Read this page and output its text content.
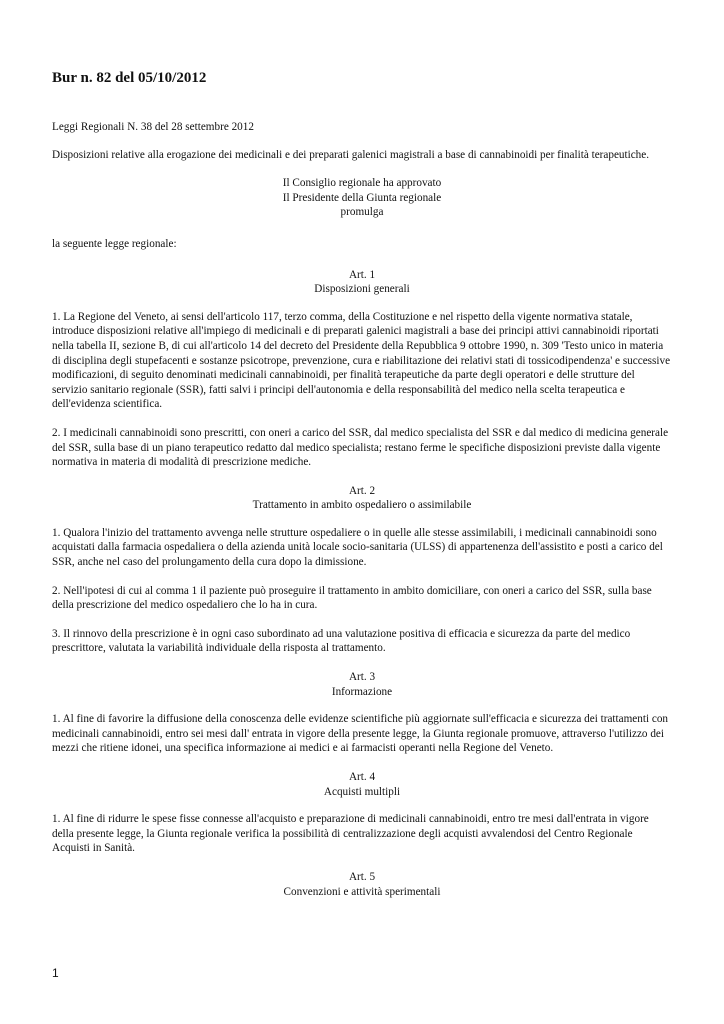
Bur n. 82 del 05/10/2012

Leggi Regionali N. 38 del 28 settembre 2012

Disposizioni relative alla erogazione dei medicinali e dei preparati galenici magistrali a base di cannabinoidi per finalità terapeutiche.

Il Consiglio regionale ha approvato

Il Presidente della Giunta regionale

promulga

la seguente legge regionale:

Art. 1

Disposizioni generali

1. La Regione del Veneto, ai sensi dell'articolo 117, terzo comma, della Costituzione e nel rispetto della vigente normativa statale, introduce disposizioni relative all'impiego di medicinali e di preparati galenici magistrali a base dei principi attivi cannabinoidi riportati nella tabella II, sezione B, di cui all'articolo 14 del decreto del Presidente della Repubblica 9 ottobre 1990, n. 309 'Testo unico in materia di disciplina degli stupefacenti e sostanze psicotrope, prevenzione, cura e riabilitazione dei relativi stati di tossicodipendenza' e successive modificazioni, di seguito denominati medicinali cannabinoidi, per finalità terapeutiche da parte degli operatori e delle strutture del servizio sanitario regionale (SSR), fatti salvi i principi dell'autonomia e della responsabilità del medico nella scelta terapeutica e dell'evidenza scientifica.

2. I medicinali cannabinoidi sono prescritti, con oneri a carico del SSR, dal medico specialista del SSR e dal medico di medicina generale del SSR, sulla base di un piano terapeutico redatto dal medico specialista; restano ferme le specifiche disposizioni previste dalla vigente normativa in materia di modalità di prescrizione mediche.

Art. 2

Trattamento in ambito ospedaliero o assimilabile

1. Qualora l'inizio del trattamento avvenga nelle strutture ospedaliere o in quelle alle stesse assimilabili, i medicinali cannabinoidi sono acquistati dalla farmacia ospedaliera o della azienda unità locale socio-sanitaria (ULSS) di appartenenza dell'assistito e posti a carico del SSR, anche nel caso del prolungamento della cura dopo la dimissione.

2. Nell'ipotesi di cui al comma 1 il paziente può proseguire il trattamento in ambito domiciliare, con oneri a carico del SSR, sulla base della prescrizione del medico ospedaliero che lo ha in cura.

3. Il rinnovo della prescrizione è in ogni caso subordinato ad una valutazione positiva di efficacia e sicurezza da parte del medico prescrittore, valutata la variabilità individuale della risposta al trattamento.

Art. 3

Informazione

1. Al fine di favorire la diffusione della conoscenza delle evidenze scientifiche più aggiornate sull'efficacia e sicurezza dei trattamenti con medicinali cannabinoidi, entro sei mesi dall' entrata in vigore della presente legge, la Giunta regionale promuove, attraverso l'utilizzo dei mezzi che ritiene idonei, una specifica informazione ai medici e ai farmacisti operanti nella Regione del Veneto.

Art. 4

Acquisti multipli

1. Al fine di ridurre le spese fisse connesse all'acquisto e preparazione di medicinali cannabinoidi, entro tre mesi dall'entrata in vigore della presente legge, la Giunta regionale verifica la possibilità di centralizzazione degli acquisti avvalendosi del Centro Regionale Acquisti in Sanità.

Art. 5

Convenzioni e attività sperimentali

1
